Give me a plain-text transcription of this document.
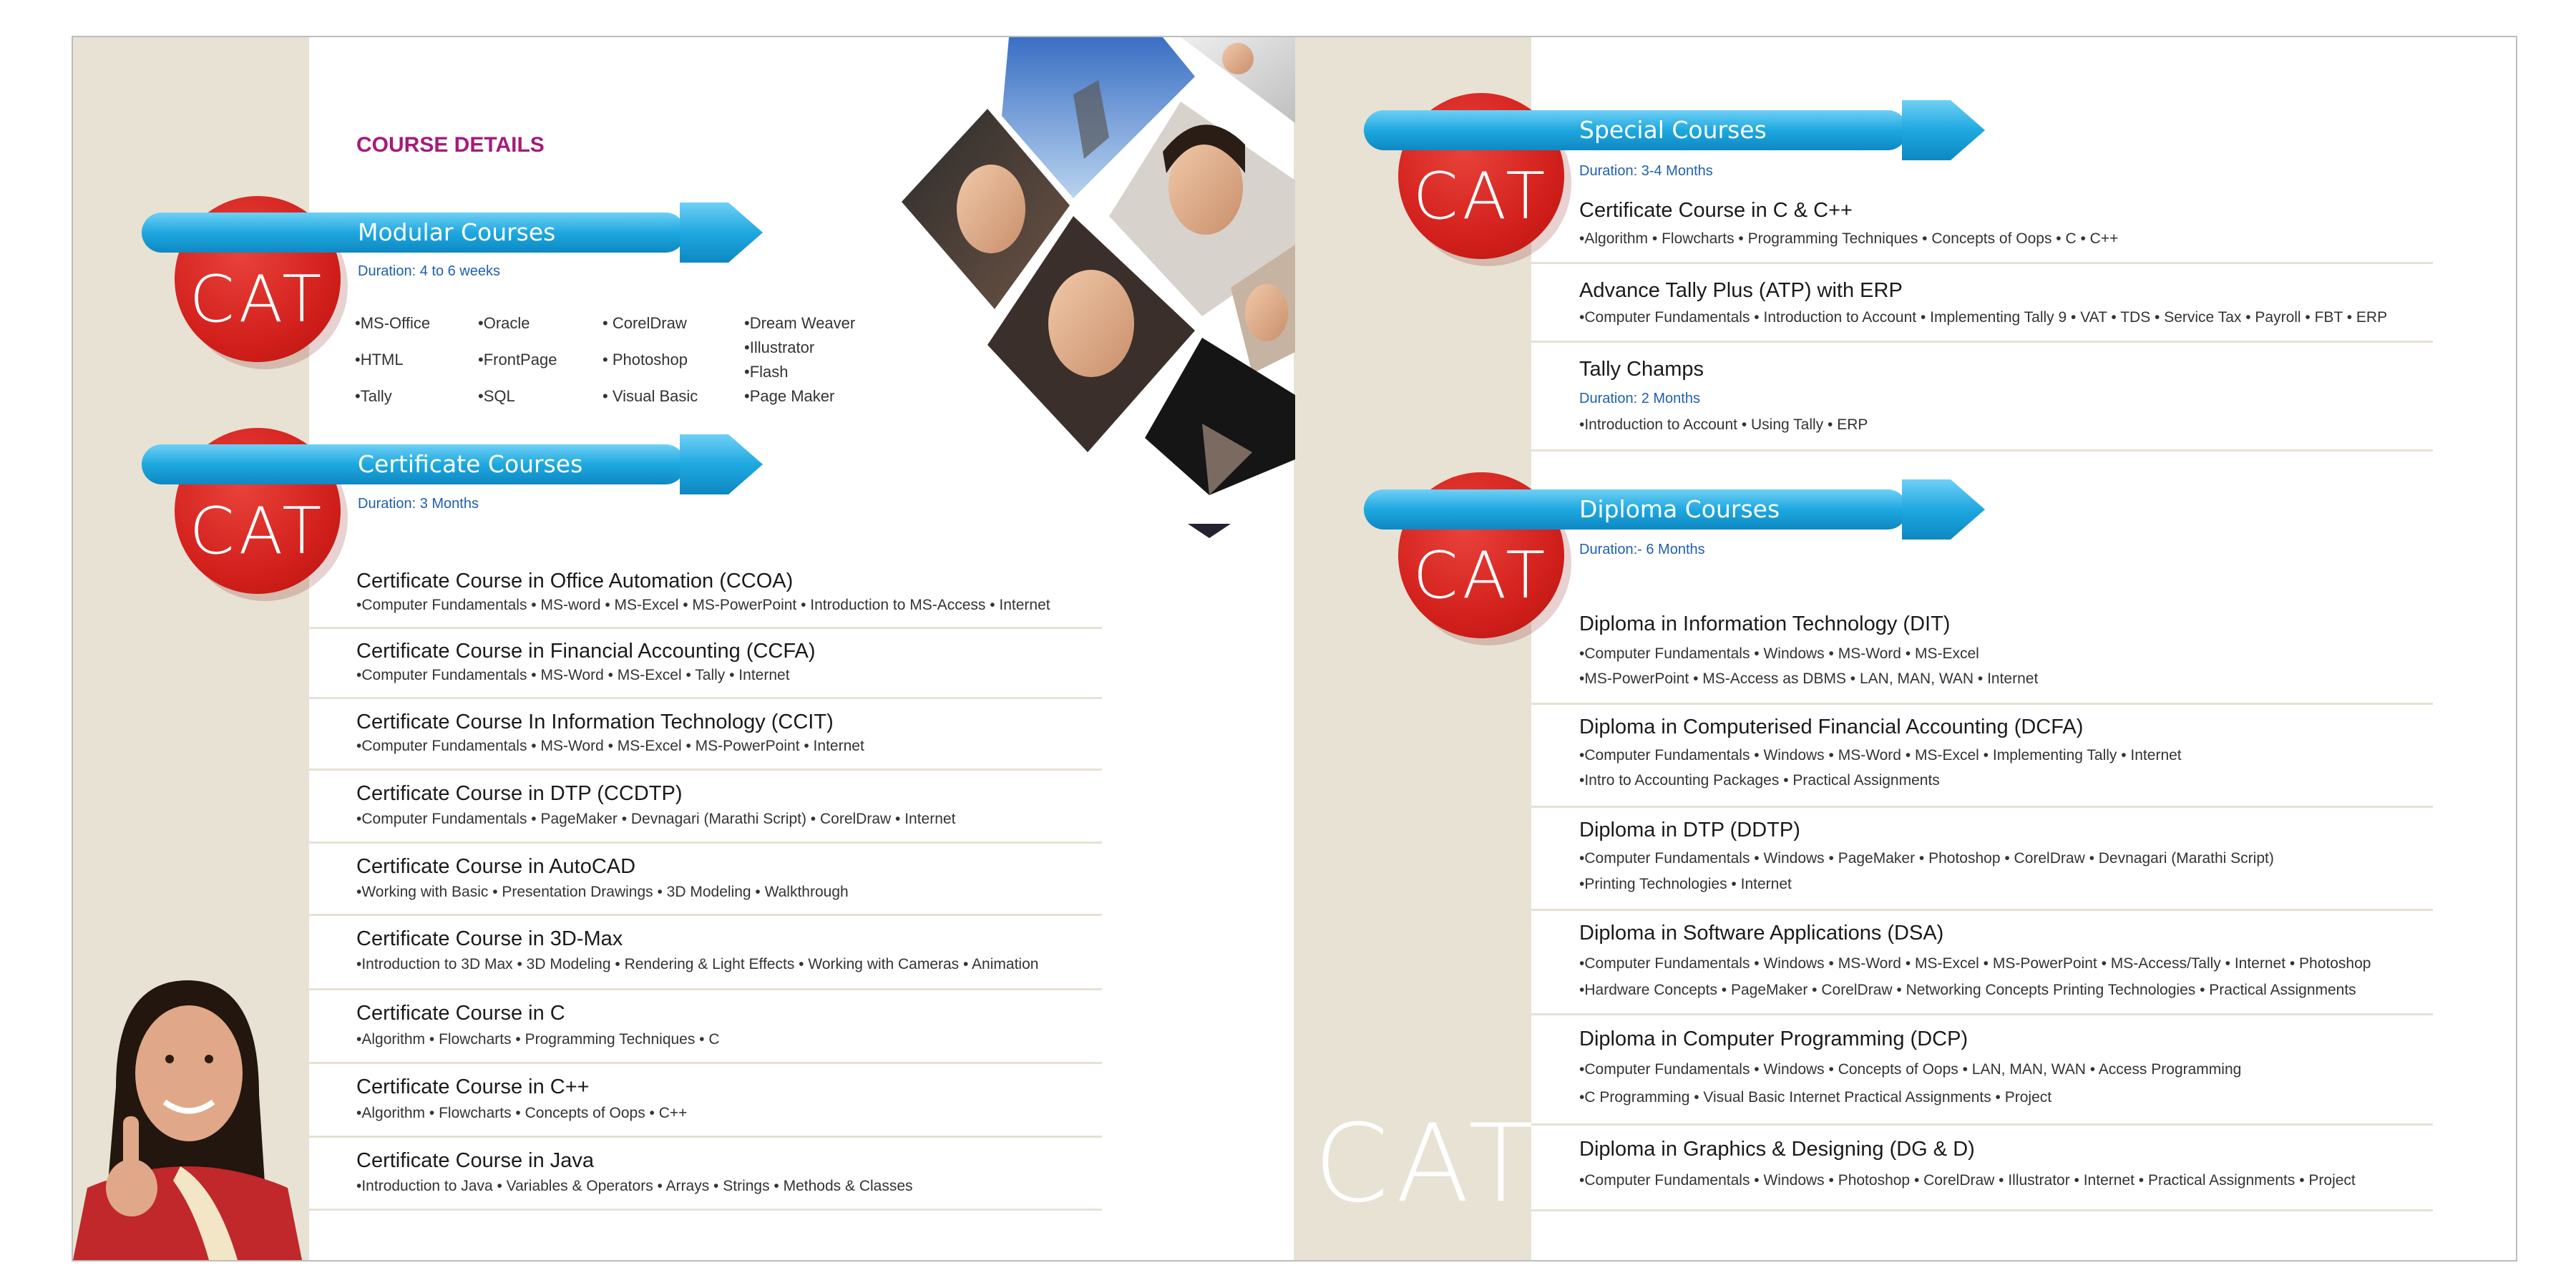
COURSE DETAILS
CAT
Modular Courses
Duration: 4 to 6 weeks
•MS-Office
•HTML
•Tally
•Oracle
•FrontPage
•SQL
• CorelDraw
• Photoshop
• Visual Basic
•Dream Weaver
•Illustrator
•Flash
•Page Maker
CAT
Certificate Courses
Duration: 3 Months
Certificate Course in Office Automation (CCOA)
•Computer Fundamentals • MS-word • MS-Excel • MS-PowerPoint • Introduction to MS-Access • Internet
Certificate Course in Financial Accounting (CCFA)
•Computer Fundamentals • MS-Word • MS-Excel • Tally • Internet
Certificate Course In Information Technology (CCIT)
•Computer Fundamentals • MS-Word • MS-Excel • MS-PowerPoint • Internet
Certificate Course in DTP (CCDTP)
•Computer Fundamentals • PageMaker • Devnagari (Marathi Script) • CorelDraw • Internet
Certificate Course in AutoCAD
•Working with Basic • Presentation Drawings • 3D Modeling • Walkthrough
Certificate Course in 3D-Max
•Introduction to 3D Max • 3D Modeling • Rendering & Light Effects • Working with Cameras • Animation
Certificate Course in C
•Algorithm • Flowcharts • Programming Techniques • C
Certificate Course in C++
•Algorithm • Flowcharts • Concepts of Oops • C++
Certificate Course in Java
•Introduction to Java • Variables & Operators • Arrays • Strings • Methods & Classes
CAT
Special Courses
Duration: 3-4 Months
Certificate Course in C & C++
•Algorithm • Flowcharts • Programming Techniques • Concepts of Oops • C • C++
Advance Tally Plus (ATP) with ERP
•Computer Fundamentals • Introduction to Account • Implementing Tally 9 • VAT • TDS • Service Tax • Payroll • FBT • ERP
Tally Champs
Duration: 2 Months
•Introduction to Account • Using Tally • ERP
CAT
Diploma Courses
Duration:- 6 Months
Diploma in Information Technology (DIT)
•Computer Fundamentals • Windows • MS-Word • MS-Excel
•MS-PowerPoint • MS-Access as DBMS • LAN, MAN, WAN • Internet
Diploma in Computerised Financial Accounting (DCFA)
•Computer Fundamentals • Windows • MS-Word • MS-Excel • Implementing Tally • Internet
•Intro to Accounting Packages • Practical Assignments
Diploma in DTP (DDTP)
•Computer Fundamentals • Windows • PageMaker • Photoshop • CorelDraw • Devnagari (Marathi Script)
•Printing Technologies • Internet
Diploma in Software Applications (DSA)
•Computer Fundamentals • Windows • MS-Word • MS-Excel • MS-PowerPoint • MS-Access/Tally • Internet • Photoshop
•Hardware Concepts • PageMaker • CorelDraw • Networking Concepts Printing Technologies • Practical Assignments
Diploma in Computer Programming (DCP)
•Computer Fundamentals • Windows • Concepts of Oops • LAN, MAN, WAN • Access Programming
•C Programming • Visual Basic Internet Practical Assignments • Project
Diploma in Graphics & Designing (DG & D)
•Computer Fundamentals • Windows • Photoshop • CorelDraw • Illustrator • Internet • Practical Assignments • Project
CAT
